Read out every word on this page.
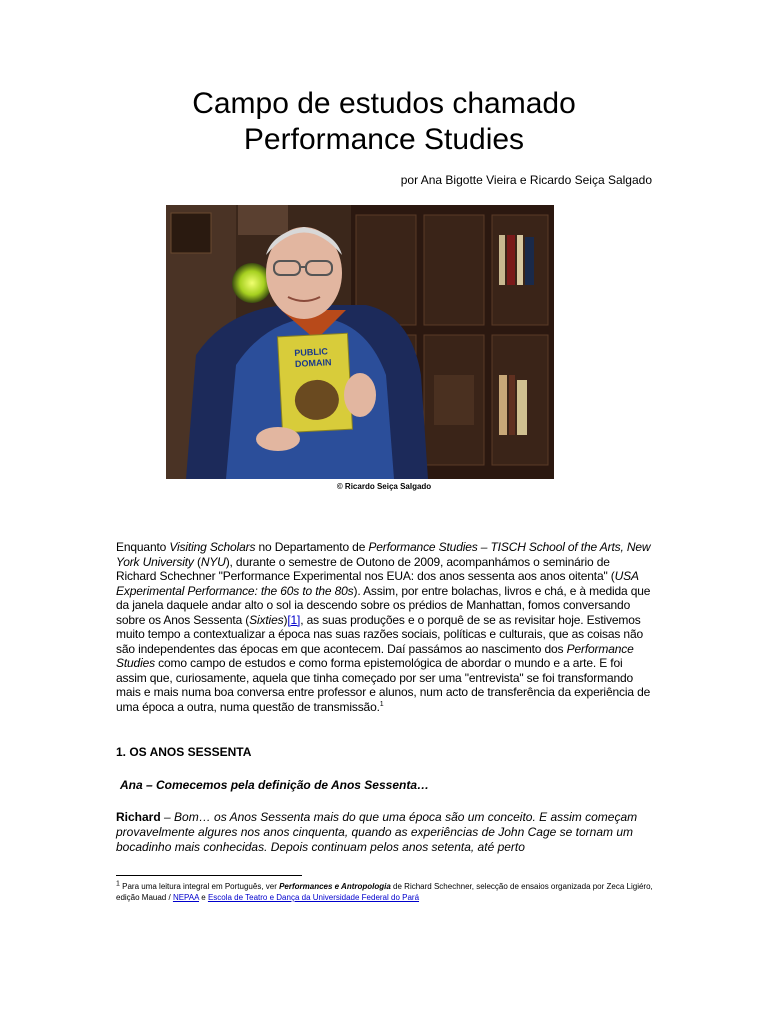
Campo de estudos chamado
Performance Studies
por Ana Bigotte Vieira e Ricardo Seiça Salgado
PUBLIC
DOMAIN
© Ricardo Seiça Salgado

Enquanto Visiting Scholars no Departamento de Performance Studies – TISCH School of the Arts, New York University (NYU), durante o semestre de Outono de 2009, acompanhámos o seminário de Richard Schechner "Performance Experimental nos EUA: dos anos sessenta aos anos oitenta" (USA Experimental Performance: the 60s to the 80s). Assim, por entre bolachas, livros e chá, e à medida que da janela daquele andar alto o sol ia descendo sobre os prédios de Manhattan, fomos conversando sobre os Anos Sessenta (Sixties)[1], as suas produções e o porquê de se as revisitar hoje. Estivemos muito tempo a contextualizar a época nas suas razões sociais, políticas e culturais, que as coisas não são independentes das épocas em que acontecem. Daí passámos ao nascimento dos Performance Studies como campo de estudos e como forma epistemológica de abordar o mundo e a arte. E foi assim que, curiosamente, aquela que tinha começado por ser uma "entrevista" se foi transformando mais e mais numa boa conversa entre professor e alunos, num acto de transferência da experiência de uma época a outra, numa questão de transmissão.$^1$

1. OS ANOS SESSENTA
Ana – Comecemos pela definição de Anos Sessenta…
Richard – Bom… os Anos Sessenta mais do que uma época são um conceito. E assim começam provavelmente algures nos anos cinquenta, quando as experiências de John Cage se tornam um bocadinho mais conhecidas. Depois continuam pelos anos setenta, até perto
$^1$ Para uma leitura integral em Português, ver Performances e Antropologia de Richard Schechner, selecção de ensaios organizada por Zeca Ligiéro, edição Mauad / NEPAA e Escola de Teatro e Dança da Universidade Federal do Pará
